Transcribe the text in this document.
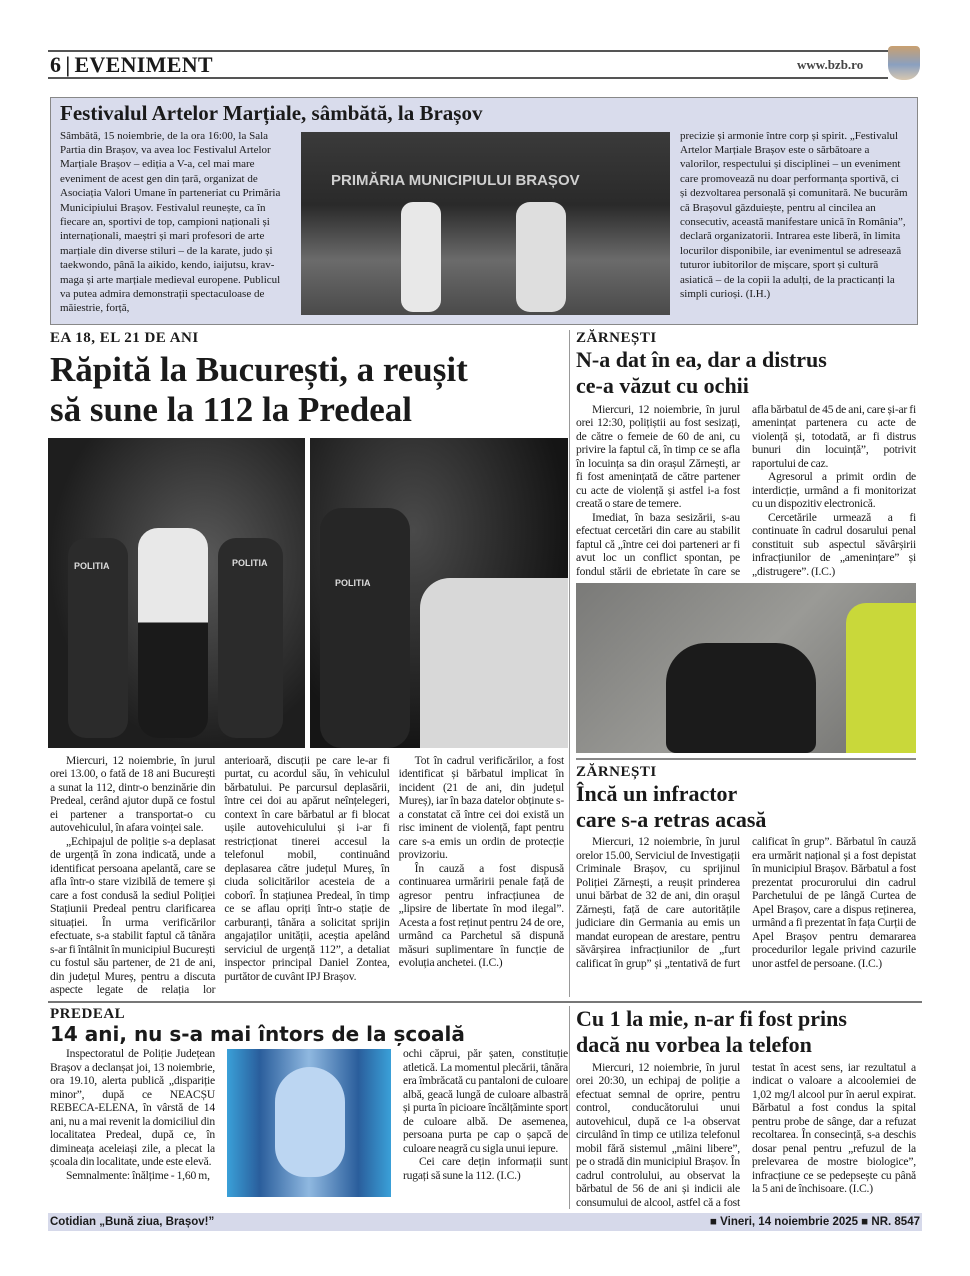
6 | EVENIMENT	www.bzb.ro
Festivalul Artelor Marțiale, sâmbătă, la Brașov
Sâmbătă, 15 noiembrie, de la ora 16:00, la Sala Partia din Brașov, va avea loc Festivalul Artelor Marțiale Brașov – ediția a V-a, cel mai mare eveniment de acest gen din țară, organizat de Asociația Valori Umane în parteneriat cu Primăria Municipiului Brașov. Festivalul reunește, ca în fiecare an, sportivi de top, campioni naționali și internaționali, maeștri și mari profesori de arte marțiale din diverse stiluri – de la karate, judo și taekwondo, până la aikido, kendo, iaijutsu, krav-maga și arte marțiale medieval europene. Publicul va putea admira demonstrații spectaculoase de măiestrie, forță,
PRIMĂRIA MUNICIPIULUI BRAȘOV
precizie și armonie între corp și spirit. „Festivalul Artelor Marțiale Brașov este o sărbătoare a valorilor, respectului și disciplinei – un eveniment care promovează nu doar performanța sportivă, ci și dezvoltarea personală și comunitară. Ne bucurăm că Brașovul găzduiește, pentru al cincilea an consecutiv, această manifestare unică în România”, declară organizatorii. Intrarea este liberă, în limita locurilor disponibile, iar evenimentul se adresează tuturor iubitorilor de mișcare, sport și cultură asiatică – de la copii la adulți, de la practicanți la simpli curioși. (I.H.)
EA 18, EL 21 DE ANI
Răpită la București, a reușit
să sune la 112 la Predeal
POLITIA	POLITIA
POLITIA

Miercuri, 12 noiembrie, în jurul orei 13.00, o fată de 18 ani București a sunat la 112, dintr-o benzinărie din Predeal, cerând ajutor după ce fostul ei partener a transportat-o cu autovehiculul, în afara voinței sale.

„Echipajul de poliție s-a deplasat de urgență în zona indicată, unde a identificat persoana apelantă, care se afla într-o stare vizibilă de temere și care a fost condusă la sediul Poliției Stațiunii Predeal pentru clarificarea situației. În urma verificărilor efectuate, s-a stabilit faptul că tânăra s-ar fi întâlnit în municipiul București cu fostul său partener, de 21 de ani, din județul Mureș, pentru a discuta aspecte legate de relația lor anterioară, discuții pe care le-ar fi purtat, cu acordul său, în vehiculul bărbatului. Pe parcursul deplasării, între cei doi au apărut neînțelegeri, context în care bărbatul ar fi blocat ușile autovehiculului și i-ar fi restricționat tinerei accesul la telefonul mobil, continuând deplasarea către județul Mureș, în ciuda solicitărilor acesteia de a coborî. În stațiunea Predeal, în timp ce se aflau opriți într-o stație de carburanți, tânăra a solicitat sprijin angajaților unității, aceștia apelând serviciul de urgență 112”, a detaliat inspector principal Daniel Zontea, purtător de cuvânt IPJ Brașov.

Tot în cadrul verificărilor, a fost identificat și bărbatul implicat în incident (21 de ani, din județul Mureș), iar în baza datelor obținute s-a constatat că între cei doi există un risc iminent de violență, fapt pentru care s-a emis un ordin de protecție provizoriu.

În cauză a fost dispusă continuarea urmăririi penale față de agresor pentru infracțiunea de „lipsire de libertate în mod ilegal”. Acesta a fost reținut pentru 24 de ore, urmând ca Parchetul să dispună măsuri suplimentare în funcție de evoluția anchetei. (I.C.)

ZĂRNEȘTI
N-a dat în ea, dar a distrus
ce-a văzut cu ochii

Miercuri, 12 noiembrie, în jurul orei 12:30, polițiștii au fost sesizați, de către o femeie de 60 de ani, cu privire la faptul că, în timp ce se afla în locuința sa din orașul Zărnești, ar fi fost amenințată de către partener cu acte de violență și astfel i-a fost creată o stare de temere.

Imediat, în baza sesizării, s-au efectuat cercetări din care au stabilit faptul că „între cei doi parteneri ar fi avut loc un conflict spontan, pe fondul stării de ebrietate în care se afla bărbatul de 45 de ani, care și-ar fi amenințat partenera cu acte de violență și, totodată, ar fi distrus bunuri din locuință”, potrivit raportului de caz.

Agresorul a primit ordin de interdicție, urmând a fi monitorizat cu un dispozitiv electronică.

Cercetările urmează a fi continuate în cadrul dosarului penal constituit sub aspectul săvârșirii infracțiunilor de „amenințare” și „distrugere”. (I.C.)

ZĂRNEȘTI
Încă un infractor
care s-a retras acasă

Miercuri, 12 noiembrie, în jurul orelor 15.00, Serviciul de Investigații Criminale Brașov, cu sprijinul Poliției Zărnești, a reușit prinderea unui bărbat de 32 de ani, din orașul Zărnești, față de care autoritățile judiciare din Germania au emis un mandat european de arestare, pentru săvârșirea infracțiunilor de „furt calificat în grup” și „tentativă de furt calificat în grup”. Bărbatul în cauză era urmărit național și a fost depistat în municipiul Brașov. Bărbatul a fost prezentat procurorului din cadrul Parchetului de pe lângă Curtea de Apel Brașov, care a dispus reținerea, urmând a fi prezentat în fața Curții de Apel Brașov pentru demararea procedurilor legale privind cazurile unor astfel de persoane. (I.C.)

PREDEAL
14 ani, nu s-a mai întors de la școală

Inspectoratul de Poliție Județean Brașov a declanșat joi, 13 noiembrie, ora 19.10, alerta publică „dispariție minor”, după ce NEACȘU REBECA-ELENA, în vârstă de 14 ani, nu a mai revenit la domiciliul din localitatea Predeal, după ce, în dimineața aceleiași zile, a plecat la școala din localitate, unde este elevă.

Semnalmente: înălțime - 1,60 m,

ochi căprui, păr șaten, constituție atletică. La momentul plecării, tânăra era îmbrăcată cu pantaloni de culoare albă, geacă lungă de culoare albastră și purta în picioare încălțăminte sport de culoare albă. De asemenea, persoana purta pe cap o șapcă de culoare neagră cu sigla unui iepure.

Cei care dețin informații sunt rugați să sune la 112. (I.C.)

Cu 1 la mie, n-ar fi fost prins
dacă nu vorbea la telefon

Miercuri, 12 noiembrie, în jurul orei 20:30, un echipaj de poliție a efectuat semnal de oprire, pentru control, conducătorului unui autovehicul, după ce l-a observat circulând în timp ce utiliza telefonul mobil fără sistemul „mâini libere”, pe o stradă din municipiul Brașov. În cadrul controlului, au observat la bărbatul de 56 de ani și indicii ale consumului de alcool, astfel că a fost testat în acest sens, iar rezultatul a indicat o valoare a alcoolemiei de 1,02 mg/l alcool pur în aerul expirat. Bărbatul a fost condus la spital pentru probe de sânge, dar a refuzat recoltarea. În consecință, s-a deschis dosar penal pentru „refuzul de la prelevarea de mostre biologice”, infracțiune ce se pedepsește cu până la 5 ani de închisoare. (I.C.)

Cotidian „Bună ziua, Brașov!”	■ Vineri, 14 noiembrie 2025 ■ NR. 8547
